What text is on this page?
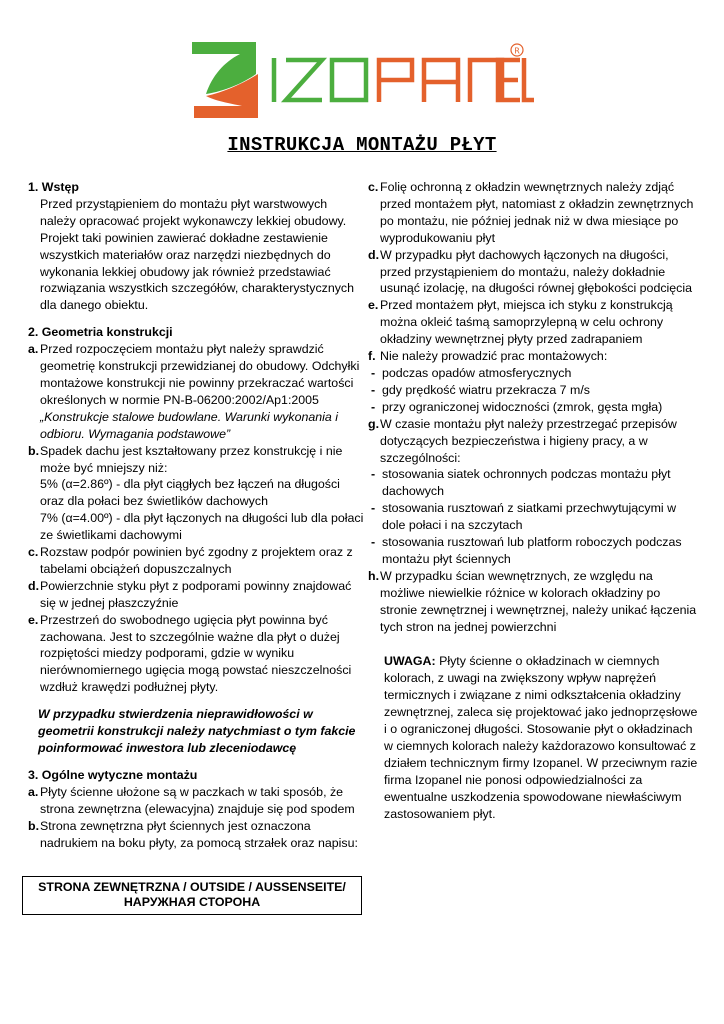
R
INSTRUKCJA MONTAŻU PŁYT

1. Wstęp

Przed przystąpieniem do montażu płyt warstwowych należy opracować projekt wykonawczy lekkiej obudowy. Projekt taki powinien zawierać dokładne zestawienie wszystkich materiałów oraz narzędzi niezbędnych do wykonania lekkiej obudowy jak również przedstawiać rozwiązania wszystkich szczegółów, charakterystycznych dla danego obiektu.

2. Geometria konstrukcji

a. Przed rozpoczęciem montażu płyt należy sprawdzić geometrię konstrukcji przewidzianej do obudowy. Odchyłki montażowe konstrukcji nie powinny przekraczać wartości określonych w normie PN-B-06200:2002/Ap1:2005 „Konstrukcje stalowe budowlane. Warunki wykonania i odbioru. Wymagania podstawowe”
b. Spadek dachu jest kształtowany przez konstrukcję i nie może być mniejszy niż:

5% (α=2.86º) - dla płyt ciągłych bez łączeń na długości oraz dla połaci bez świetlików dachowych

7% (α=4.00º) - dla płyt łączonych na długości lub dla połaci ze świetlikami dachowymi

c. Rozstaw podpór powinien być zgodny z projektem oraz z tabelami obciążeń dopuszczalnych
d. Powierzchnie styku płyt z podporami powinny znajdować się w jednej płaszczyźnie
e. Przestrzeń do swobodnego ugięcia płyt powinna być zachowana. Jest to szczególnie ważne dla płyt o dużej rozpiętości miedzy podporami, gdzie w wyniku nierównomiernego ugięcia mogą powstać nieszczelności wzdłuż krawędzi podłużnej płyty.

W przypadku stwierdzenia nieprawidłowości w geometrii konstrukcji należy natychmiast o tym fakcie poinformować inwestora lub zleceniodawcę

3. Ogólne wytyczne montażu

a. Płyty ścienne ułożone są w paczkach w taki sposób, że strona zewnętrzna (elewacyjna) znajduje się pod spodem
b. Strona zewnętrzna płyt ściennych jest oznaczona nadrukiem na boku płyty, za pomocą strzałek oraz napisu:
STRONA ZEWNĘTRZNA / OUTSIDE / AUSSENSEITE/
НАРУЖНАЯ СТОРОНА
c. Folię ochronną z okładzin wewnętrznych należy zdjąć przed montażem płyt, natomiast z okładzin zewnętrznych po montażu, nie później jednak niż w dwa miesiące po wyprodukowaniu płyt
d. W przypadku płyt dachowych łączonych na długości, przed przystąpieniem do montażu, należy dokładnie usunąć izolację, na długości równej głębokości podcięcia
e. Przed montażem płyt, miejsca ich styku z konstrukcją można okleić taśmą samoprzylepną w celu ochrony okładziny wewnętrznej płyty przed zadrapaniem
f. Nie należy prowadzić prac montażowych:
- podczas opadów atmosferycznych
- gdy prędkość wiatru przekracza 7 m/s
- przy ograniczonej widoczności (zmrok, gęsta mgła)
g. W czasie montażu płyt należy przestrzegać przepisów dotyczących bezpieczeństwa i higieny pracy, a w szczególności:
- stosowania siatek ochronnych podczas montażu płyt dachowych
- stosowania rusztowań z siatkami przechwytującymi w dole połaci i na szczytach
- stosowania rusztowań lub platform roboczych podczas montażu płyt ściennych
h. W przypadku ścian wewnętrznych, ze względu na możliwe niewielkie różnice w kolorach okładziny po stronie zewnętrznej i wewnętrznej, należy unikać łączenia tych stron na jednej powierzchni

UWAGA: Płyty ścienne o okładzinach w ciemnych kolorach, z uwagi na zwiększony wpływ naprężeń termicznych i związane z nimi odkształcenia okładziny zewnętrznej, zaleca się projektować jako jednoprzęsłowe i o ograniczonej długości. Stosowanie płyt o okładzinach w ciemnych kolorach należy każdorazowo konsultować z działem technicznym firmy Izopanel. W przeciwnym razie firma Izopanel nie ponosi odpowiedzialności za ewentualne uszkodzenia spowodowane niewłaściwym zastosowaniem płyt.
